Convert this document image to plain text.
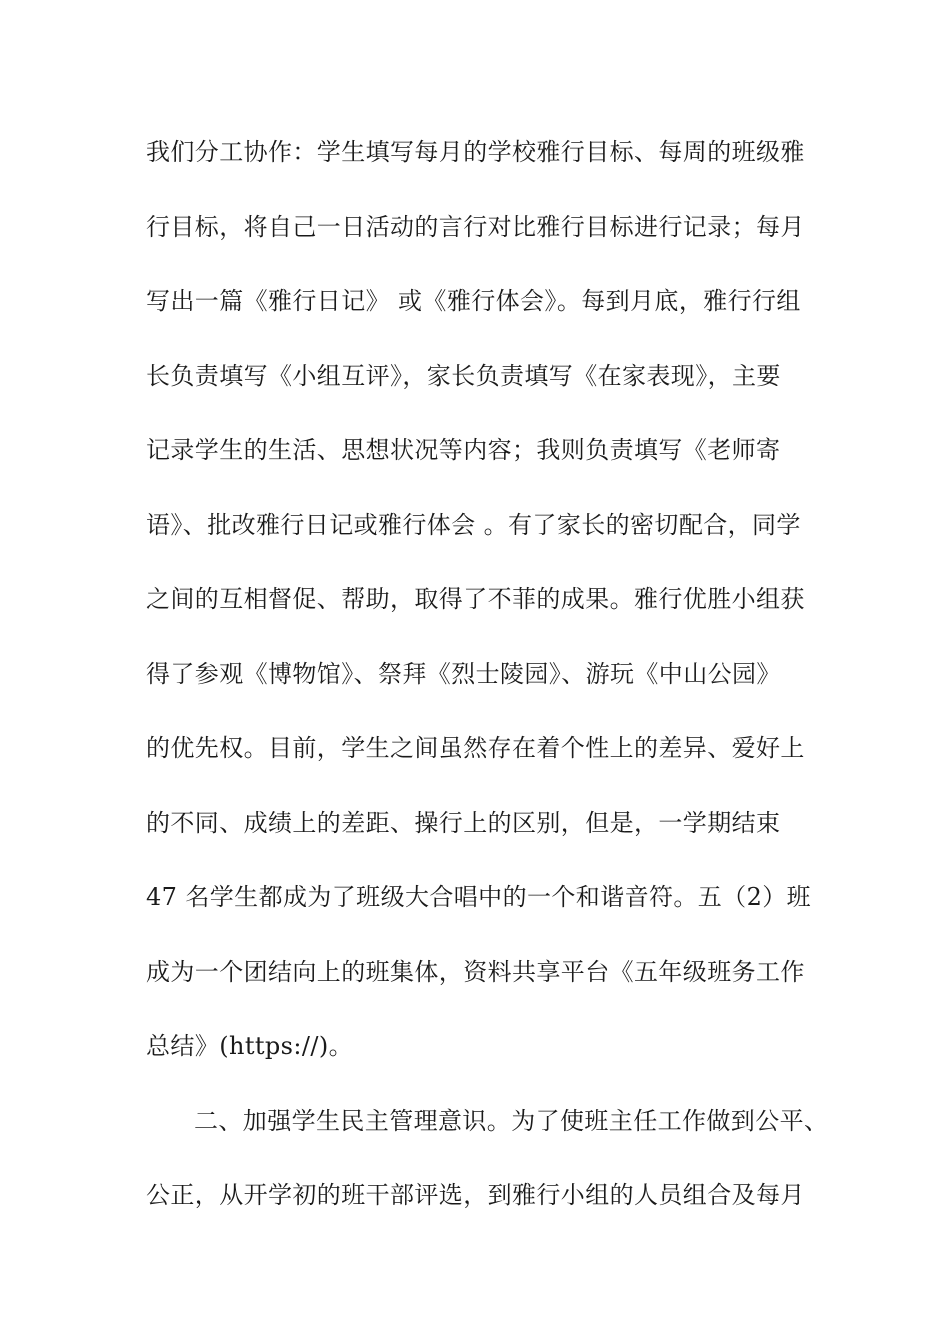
我们分工协作：学生填写每月的学校雅行目标、每周的班级雅
行目标，将自己一日活动的言行对比雅行目标进行记录；每月
写出一篇《雅行日记》 或《雅行体会》。每到月底，雅行行组
长负责填写《小组互评》，家长负责填写《在家表现》，主要
记录学生的生活、思想状况等内容；我则负责填写《老师寄
语》、批改雅行日记或雅行体会 。有了家长的密切配合，同学
之间的互相督促、帮助，取得了不菲的成果。雅行优胜小组获
得了参观《博物馆》、祭拜《烈士陵园》、游玩《中山公园》
的优先权。目前，学生之间虽然存在着个性上的差异、爱好上
的不同、成绩上的差距、操行上的区别，但是，一学期结束
47 名学生都成为了班级大合唱中的一个和谐音符。五（2）班
成为一个团结向上的班集体，资料共享平台《五年级班务工作
总结》(https://)。
二、加强学生民主管理意识。为了使班主任工作做到公平、
公正，从开学初的班干部评选，到雅行小组的人员组合及每月
